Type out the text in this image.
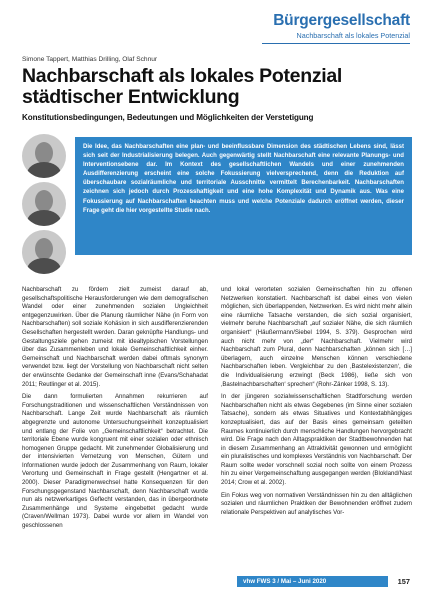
Bürgergesellschaft
Nachbarschaft als lokales Potenzial
Simone Tappert, Matthias Drilling, Olaf Schnur
Nachbarschaft als lokales Potenzial städtischer Entwicklung
Konstitutionsbedingungen, Bedeutungen und Möglichkeiten der Verstetigung
Die Idee, das Nachbarschaften eine plan- und beeinflussbare Dimension des städtischen Lebens sind, lässt sich seit der Industrialisierung belegen. Auch gegenwärtig stellt Nachbarschaft eine relevante Planungs- und Interventionsebene dar. Im Kontext des gesellschaftlichen Wandels und einer zunehmenden Ausdifferenzierung erscheint eine solche Fokussierung vielversprechend, denn die Reduktion auf überschaubare sozialräumliche und territoriale Ausschnitte vermittelt Berechenbarkeit. Nachbarschaften zeichnen sich jedoch durch Prozesshaftigkeit und eine hohe Komplexität und Dynamik aus. Was eine Fokussierung auf Nachbarschaften beachten muss und welche Potenziale dadurch eröffnet werden, dieser Frage geht die hier vorgestellte Studie nach.

Nachbarschaft zu fördern zielt zumeist darauf ab, gesellschaftspolitische Herausforderungen wie dem demografischen Wandel oder einer zunehmenden sozialen Ungleichheit entgegenzuwirken. Über die Planung räumlicher Nähe (in Form von Nachbarschaften) soll soziale Kohäsion in sich ausdifferenzierenden Gesellschaften hergestellt werden. Daran geknüpfte Handlungs- und Gestaltungsziele gehen zumeist mit idealtypischen Vorstellungen über das Zusammenleben und lokale Gemeinschaftlichkeit einher. Gemeinschaft und Nachbarschaft werden dabei oftmals synonym verwendet bzw. liegt der Vorstellung von Nachbarschaft nicht selten der erwünschte Gedanke der Gemeinschaft inne (Evans/Schahadat 2011; Reutlinger et al. 2015).

Die dann formulierten Annahmen rekurrieren auf Forschungstraditionen und wissenschaftlichen Verständnissen von Nachbarschaft. Lange Zeit wurde Nachbarschaft als räumlich abgegrenzte und autonome Untersuchungseinheit konzeptualisiert und entlang der Folie von „Gemeinschaftlichkeit“ betrachtet. Die territoriale Ebene wurde kongruent mit einer sozialen oder ethnisch homogenen Gruppe gedacht. Mit zunehmender Globalisierung und der intensivierten Vernetzung von Menschen, Gütern und Informationen wurde jedoch der Zusammenhang von Raum, lokaler Verortung und Gemeinschaft in Frage gestellt (Hengartner et al. 2000). Dieser Paradigmenwechsel hatte Konsequenzen für den Forschungsgegenstand Nachbarschaft, denn Nachbarschaft wurde nun als netzwerkartiges Geflecht verstanden, das in übergeordnete Zusammenhänge und Systeme eingebettet gedacht wurde (Craven/Wellman 1973). Dabei wurde vor allem im Wandel von geschlossenen

und lokal verorteten sozialen Gemeinschaften hin zu offenen Netzwerken konstatiert. Nachbarschaft ist dabei eines von vielen möglichen, sich überlappenden, Netzwerken. Es wird nicht mehr allein eine räumliche Tatsache verstanden, die sich sozial organisiert, vielmehr beruhe Nachbarschaft „auf sozialer Nähe, die sich räumlich organisiert“ (Häußermann/Siebel 1994, S. 379). Gesprochen wird auch nicht mehr von „der“ Nachbarschaft. Vielmehr wird Nachbarschaft zum Plural, denn Nachbarschaften „können sich […] überlagern, auch einzelne Menschen können verschiedene Nachbarschaften leben. Vergleichbar zu den ‚Bastelexistenzen‘, die die Individualisierung erzwingt (Beck 1986), ließe sich von ‚Bastelnachbarschaften‘ sprechen“ (Rohr-Zänker 1998, S. 13).

In der jüngeren sozialwissenschaftlichen Stadtforschung werden Nachbarschaften nicht als etwas Gegebenes (im Sinne einer sozialen Tatsache), sondern als etwas Situatives und Kontextabhängiges konzeptualisiert, das auf der Basis eines gemeinsam geteilten Raumes kontinuierlich durch menschliche Handlungen hervorgebracht wird. Die Frage nach den Alltagspraktiken der Stadtbewohnenden hat in diesem Zusammenhang an Attraktivität gewonnen und ermöglicht ein pluralistisches und komplexes Verständnis von Nachbarschaft. Der Raum sollte weder vorschnell sozial noch sollte von einem Prozess hin zu einer Vergemeinschaftung ausgegangen werden (Blokland/Nast 2014; Crow et al. 2002).

Ein Fokus weg von normativen Verständnissen hin zu den alltäglichen sozialen und räumlichen Praktiken der Bewohnenden eröffnet zudem relationale Perspektiven auf analytisches Vor-

vhw FWS 3 / Mai – Juni 2020	157
